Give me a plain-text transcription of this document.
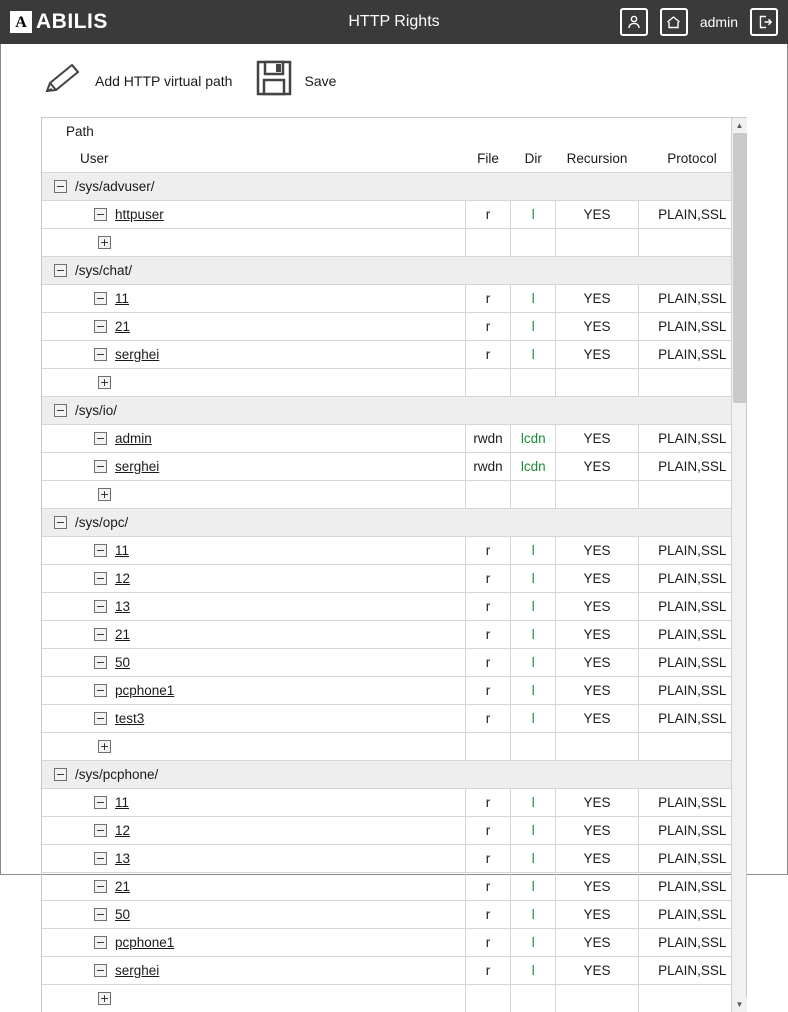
A ABILIS	HTTP Rights	admin
Add HTTP virtual path	Save
Path				
User	File	Dir	Recursion	Protocol

− /sys/advuser/				

− httpuser	r	l	YES	PLAIN,SSL

+				

− /sys/chat/				

− 11	r	l	YES	PLAIN,SSL

− 21	r	l	YES	PLAIN,SSL

− serghei	r	l	YES	PLAIN,SSL

+				

− /sys/io/				

− admin	rwdn	lcdn	YES	PLAIN,SSL

− serghei	rwdn	lcdn	YES	PLAIN,SSL

+				

− /sys/opc/				

− 11	r	l	YES	PLAIN,SSL

− 12	r	l	YES	PLAIN,SSL

− 13	r	l	YES	PLAIN,SSL

− 21	r	l	YES	PLAIN,SSL

− 50	r	l	YES	PLAIN,SSL

− pcphone1	r	l	YES	PLAIN,SSL

− test3	r	l	YES	PLAIN,SSL

+				

− /sys/pcphone/				

− 11	r	l	YES	PLAIN,SSL

− 12	r	l	YES	PLAIN,SSL

− 13	r	l	YES	PLAIN,SSL

− 21	r	l	YES	PLAIN,SSL

− 50	r	l	YES	PLAIN,SSL

− pcphone1	r	l	YES	PLAIN,SSL

− serghei	r	l	YES	PLAIN,SSL

+				

▲
▼
